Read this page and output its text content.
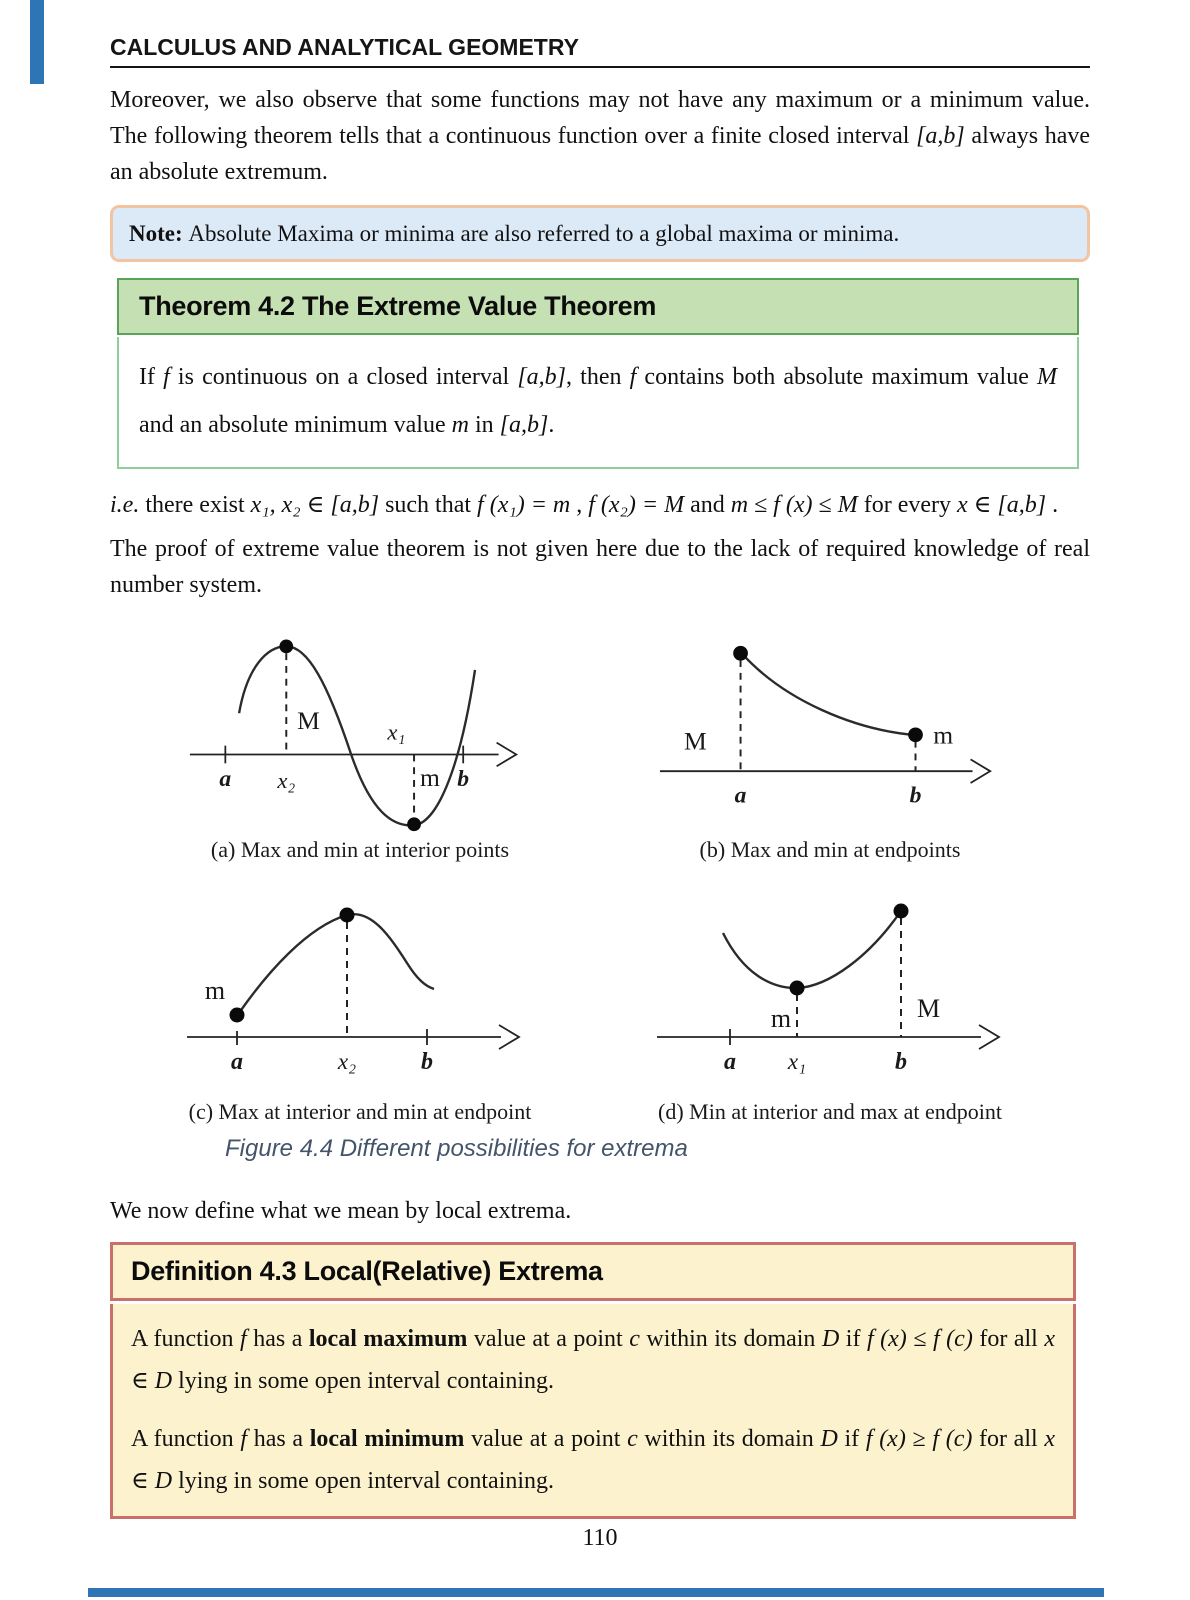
CALCULUS AND ANALYTICAL GEOMETRY

Moreover, we also observe that some functions may not have any maximum or a minimum value. The following theorem tells that a continuous function over a finite closed interval [a,b] always have an absolute extremum.

Note: Absolute Maxima or minima are also referred to a global maxima or minima.
Theorem 4.2 The Extreme Value Theorem
If f is continuous on a closed interval [a,b], then f contains both absolute maximum value M and an absolute minimum value m in [a,b].

i.e. there exist x₁, x₂ ∈ [a,b] such that f (x₁) = m , f (x₂) = M and m ≤ f (x) ≤ M for every x ∈ [a,b] .

The proof of extreme value theorem is not given here due to the lack of required knowledge of real number system.

M	x₁
m
a x₂	b
(a) Max and min at interior points
M	m
a	b
(b) Max and min at endpoints
m
a	x₂	b
(c) Max at interior and min at endpoint
m	M
a x₁	b
(d) Min at interior and max at endpoint
Figure 4.4 Different possibilities for extrema

We now define what we mean by local extrema.

Definition 4.3 Local(Relative) Extrema

A function f has a local maximum value at a point c within its domain D if f (x) ≤ f (c) for all x ∈ D lying in some open interval containing.

A function f has a local minimum value at a point c within its domain D if f (x) ≥ f (c) for all x ∈ D lying in some open interval containing.

110
